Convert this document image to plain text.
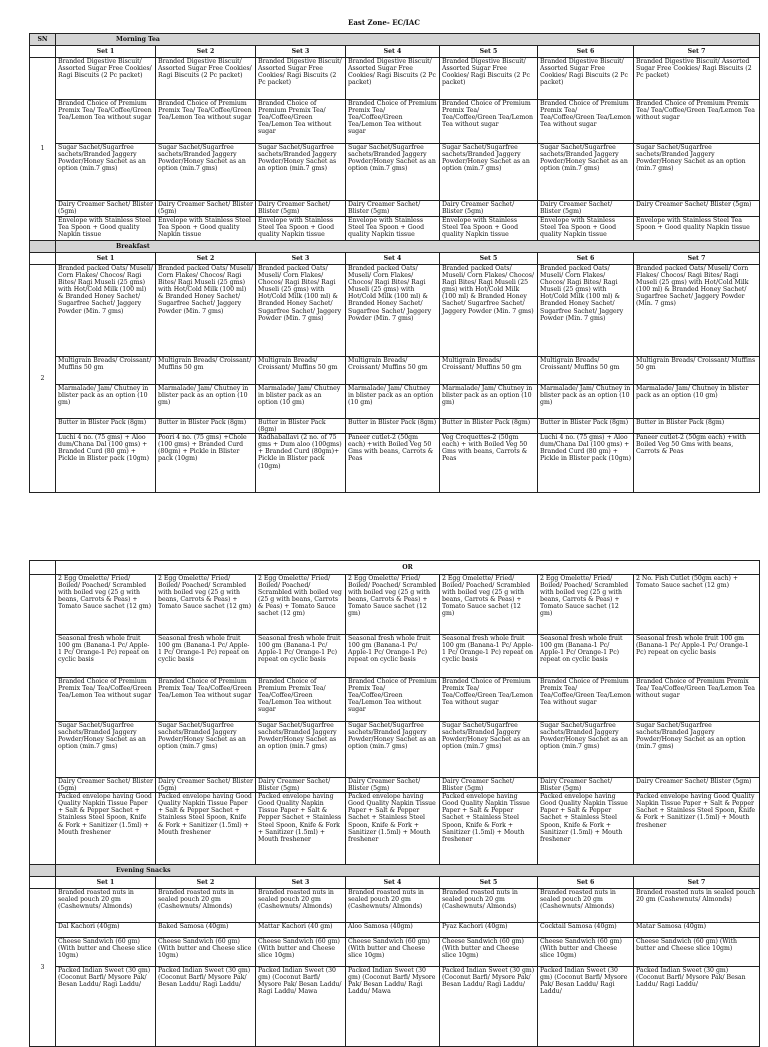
East Zone- EC/IAC
SN	Morning Tea						
	Set 1	Set 2	Set 3	Set 4	Set 5	Set 6	Set 7
1	Branded Digestive Biscuit/ Assorted Sugar Free Cookies/ Ragi Biscuits (2 Pc packet)	Branded Digestive Biscuit/ Assorted Sugar Free Cookies/ Ragi Biscuits (2 Pc packet)	Branded Digestive Biscuit/ Assorted Sugar Free Cookies/ Ragi Biscuits (2 Pc packet)	Branded Digestive Biscuit/ Assorted Sugar Free Cookies/ Ragi Biscuits (2 Pc packet)	Branded Digestive Biscuit/ Assorted Sugar Free Cookies/ Ragi Biscuits (2 Pc packet)	Branded Digestive Biscuit/ Assorted Sugar Free Cookies/ Ragi Biscuits (2 Pc packet)	Branded Digestive Biscuit/ Assorted Sugar Free Cookies/ Ragi Biscuits (2 Pc packet)
	Branded Choice of Premium Premix Tea/ Tea/Coffee/Green Tea/Lemon Tea without sugar	Branded Choice of Premium Premix Tea/ Tea/Coffee/Green Tea/Lemon Tea without sugar	Branded Choice of Premium Premix Tea/ Tea/Coffee/Green Tea/Lemon Tea without sugar	Branded Choice of Premium Premix Tea/ Tea/Coffee/Green Tea/Lemon Tea without sugar	Branded Choice of Premium Premix Tea/ Tea/Coffee/Green Tea/Lemon Tea without sugar	Branded Choice of Premium Premix Tea/ Tea/Coffee/Green Tea/Lemon Tea without sugar	Branded Choice of Premium Premix Tea/ Tea/Coffee/Green Tea/Lemon Tea without sugar
	Sugar Sachet/Sugarfree sachets/Branded Jaggery Powder/Honey Sachet as an option (min.7 gms)	Sugar Sachet/Sugarfree sachets/Branded Jaggery Powder/Honey Sachet as an option (min.7 gms)	Sugar Sachet/Sugarfree sachets/Branded Jaggery Powder/Honey Sachet as an option (min.7 gms)	Sugar Sachet/Sugarfree sachets/Branded Jaggery Powder/Honey Sachet as an option (min.7 gms)	Sugar Sachet/Sugarfree sachets/Branded Jaggery Powder/Honey Sachet as an option (min.7 gms)	Sugar Sachet/Sugarfree sachets/Branded Jaggery Powder/Honey Sachet as an option (min.7 gms)	Sugar Sachet/Sugarfree sachets/Branded Jaggery Powder/Honey Sachet as an option (min.7 gms)
	Dairy Creamer Sachet/ Blister (5gm)	Dairy Creamer Sachet/ Blister (5gm)	Dairy Creamer Sachet/ Blister (5gm)	Dairy Creamer Sachet/ Blister (5gm)	Dairy Creamer Sachet/ Blister (5gm)	Dairy Creamer Sachet/ Blister (5gm)	Dairy Creamer Sachet/ Blister (5gm)
	Envelope with Stainless Steel Tea Spoon + Good quality Napkin tissue	Envelope with Stainless Steel Tea Spoon + Good quality Napkin tissue	Envelope with Stainless Steel Tea Spoon + Good quality Napkin tissue	Envelope with Stainless Steel Tea Spoon + Good quality Napkin tissue	Envelope with Stainless Steel Tea Spoon + Good quality Napkin tissue	Envelope with Stainless Steel Tea Spoon + Good quality Napkin tissue	Envelope with Stainless Steel Tea Spoon + Good quality Napkin tissue
	Breakfast						
	Set 1	Set 2	Set 3	Set 4	Set 5	Set 6	Set 7
2	Branded packed Oats/ Museli/ Corn Flakes/ Chocos/ Ragi Bites/ Ragi Museli (25 gms) with Hot/Cold Milk (100 ml) & Branded Honey Sachet/ Sugarfree Sachet/ Jaggery Powder (Min. 7 gms)	Branded packed Oats/ Museli/ Corn Flakes/ Chocos/ Ragi Bites/ Ragi Museli (25 gms) with Hot/Cold Milk (100 ml) & Branded Honey Sachet/ Sugarfree Sachet/ Jaggery Powder (Min. 7 gms)	Branded packed Oats/ Museli/ Corn Flakes/ Chocos/ Ragi Bites/ Ragi Museli (25 gms) with Hot/Cold Milk (100 ml) & Branded Honey Sachet/ Sugarfree Sachet/ Jaggery Powder (Min. 7 gms)	Branded packed Oats/ Museli/ Corn Flakes/ Chocos/ Ragi Bites/ Ragi Museli (25 gms) with Hot/Cold Milk (100 ml) & Branded Honey Sachet/ Sugarfree Sachet/ Jaggery Powder (Min. 7 gms)	Branded packed Oats/ Museli/ Corn Flakes/ Chocos/ Ragi Bites/ Ragi Museli (25 gms) with Hot/Cold Milk (100 ml) & Branded Honey Sachet/ Sugarfree Sachet/ Jaggery Powder (Min. 7 gms)	Branded packed Oats/ Museli/ Corn Flakes/ Chocos/ Ragi Bites/ Ragi Museli (25 gms) with Hot/Cold Milk (100 ml) & Branded Honey Sachet/ Sugarfree Sachet/ Jaggery Powder (Min. 7 gms)	Branded packed Oats/ Museli/ Corn Flakes/ Chocos/ Ragi Bites/ Ragi Museli (25 gms) with Hot/Cold Milk (100 ml) & Branded Honey Sachet/ Sugarfree Sachet/ Jaggery Powder (Min. 7 gms)
	Multigrain Breads/ Croissant/ Muffins 50 gm	Multigrain Breads/ Croissant/ Muffins 50 gm	Multigrain Breads/ Croissant/ Muffins 50 gm	Multigrain Breads/ Croissant/ Muffins 50 gm	Multigrain Breads/ Croissant/ Muffins 50 gm	Multigrain Breads/ Croissant/ Muffins 50 gm	Multigrain Breads/ Croissant/ Muffins 50 gm
	Marmalade/ Jam/ Chutney in blister pack as an option (10 gm)	Marmalade/ Jam/ Chutney in blister pack as an option (10 gm)	Marmalade/ Jam/ Chutney in blister pack as an option (10 gm)	Marmalade/ Jam/ Chutney in blister pack as an option (10 gm)	Marmalade/ Jam/ Chutney in blister pack as an option (10 gm)	Marmalade/ Jam/ Chutney in blister pack as an option (10 gm)	Marmalade/ Jam/ Chutney in blister pack as an option (10 gm)
	Butter in Blister Pack (8gm)	Butter in Blister Pack (8gm)	Butter in Blister Pack (8gm)	Butter in Blister Pack (8gm)	Butter in Blister Pack (8gm)	Butter in Blister Pack (8gm)	Butter in Blister Pack (8gm)
	Luchi 4 no. (75 gms) + Aloo dum/Chana Dal (100 gms) + Branded Curd (80 gm) + Pickle in Blister pack (10gm)	Poori 4 no. (75 gms) +Chole (100 gms) + Branded Curd (80gm) + Pickle in Blister pack (10gm)	Radhaballavi (2 no. of 75 gms + Dum aloo (100gms) + Branded Curd (80gm)+ Pickle in Blister pack (10gm)	Paneer cutlet-2 (50gm each) +with Boiled Veg 50 Gms with beans, Carrots & Peas	Veg Croquettes-2 (50gm each) + with Boiled Veg 50 Gms with beans, Carrots & Peas	Luchi 4 no. (75 gms) + Aloo dum/Chana Dal (100 gms) + Branded Curd (80 gm) + Pickle in Blister pack (10gm)	Paneer cutlet-2 (50gm each) +with Boiled Veg 50 Gms with beans, Carrots & Peas
	OR						
	2 Egg Omelette/ Fried/ Boiled/ Poached/ Scrambled with boiled veg (25 g with beans, Carrots & Peas) + Tomato Sauce sachet (12 gm)	2 Egg Omelette/ Fried/ Boiled/ Poached/ Scrambled with boiled veg (25 g with beans, Carrots & Peas) + Tomato Sauce sachet (12 gm)	2 Egg Omelette/ Fried/ Boiled/ Poached/ Scrambled with boiled veg (25 g with beans, Carrots & Peas) + Tomato Sauce sachet (12 gm)	2 Egg Omelette/ Fried/ Boiled/ Poached/ Scrambled with boiled veg (25 g with beans, Carrots & Peas) + Tomato Sauce sachet (12 gm)	2 Egg Omelette/ Fried/ Boiled/ Poached/ Scrambled with boiled veg (25 g with beans, Carrots & Peas) + Tomato Sauce sachet (12 gm)	2 Egg Omelette/ Fried/ Boiled/ Poached/ Scrambled with boiled veg (25 g with beans, Carrots & Peas) + Tomato Sauce sachet (12 gm)	2 No. Fish Cutlet (50gm each) + Tomato Sauce sachet (12 gm)
	Seasonal fresh whole fruit 100 gm (Banana-1 Pc/ Apple-1 Pc/ Orange-1 Pc) repeat on cyclic basis	Seasonal fresh whole fruit 100 gm (Banana-1 Pc/ Apple-1 Pc/ Orange-1 Pc) repeat on cyclic basis	Seasonal fresh whole fruit 100 gm (Banana-1 Pc/ Apple-1 Pc/ Orange-1 Pc) repeat on cyclic basis	Seasonal fresh whole fruit 100 gm (Banana-1 Pc/ Apple-1 Pc/ Orange-1 Pc) repeat on cyclic basis	Seasonal fresh whole fruit 100 gm (Banana-1 Pc/ Apple-1 Pc/ Orange-1 Pc) repeat on cyclic basis	Seasonal fresh whole fruit 100 gm (Banana-1 Pc/ Apple-1 Pc/ Orange-1 Pc) repeat on cyclic basis	Seasonal fresh whole fruit 100 gm (Banana-1 Pc/ Apple-1 Pc/ Orange-1 Pc) repeat on cyclic basis
	Branded Choice of Premium Premix Tea/ Tea/Coffee/Green Tea/Lemon Tea without sugar	Branded Choice of Premium Premix Tea/ Tea/Coffee/Green Tea/Lemon Tea without sugar	Branded Choice of Premium Premix Tea/ Tea/Coffee/Green Tea/Lemon Tea without sugar	Branded Choice of Premium Premix Tea/ Tea/Coffee/Green Tea/Lemon Tea without sugar	Branded Choice of Premium Premix Tea/ Tea/Coffee/Green Tea/Lemon Tea without sugar	Branded Choice of Premium Premix Tea/ Tea/Coffee/Green Tea/Lemon Tea without sugar	Branded Choice of Premium Premix Tea/ Tea/Coffee/Green Tea/Lemon Tea without sugar
	Sugar Sachet/Sugarfree sachets/Branded Jaggery Powder/Honey Sachet as an option (min.7 gms)	Sugar Sachet/Sugarfree sachets/Branded Jaggery Powder/Honey Sachet as an option (min.7 gms)	Sugar Sachet/Sugarfree sachets/Branded Jaggery Powder/Honey Sachet as an option (min.7 gms)	Sugar Sachet/Sugarfree sachets/Branded Jaggery Powder/Honey Sachet as an option (min.7 gms)	Sugar Sachet/Sugarfree sachets/Branded Jaggery Powder/Honey Sachet as an option (min.7 gms)	Sugar Sachet/Sugarfree sachets/Branded Jaggery Powder/Honey Sachet as an option (min.7 gms)	Sugar Sachet/Sugarfree sachets/Branded Jaggery Powder/Honey Sachet as an option (min.7 gms)
	Dairy Creamer Sachet/ Blister (5gm)	Dairy Creamer Sachet/ Blister (5gm)	Dairy Creamer Sachet/ Blister (5gm)	Dairy Creamer Sachet/ Blister (5gm)	Dairy Creamer Sachet/ Blister (5gm)	Dairy Creamer Sachet/ Blister (5gm)	Dairy Creamer Sachet/ Blister (5gm)
	Packed envelope having Good Quality Napkin Tissue Paper + Salt & Pepper Sachet + Stainless Steel Spoon, Knife & Fork + Sanitizer (1.5ml) + Mouth freshener	Packed envelope having Good Quality Napkin Tissue Paper + Salt & Pepper Sachet + Stainless Steel Spoon, Knife & Fork + Sanitizer (1.5ml) + Mouth freshener	Packed envelope having Good Quality Napkin Tissue Paper + Salt & Pepper Sachet + Stainless Steel Spoon, Knife & Fork + Sanitizer (1.5ml) + Mouth freshener	Packed envelope having Good Quality Napkin Tissue Paper + Salt & Pepper Sachet + Stainless Steel Spoon, Knife & Fork + Sanitizer (1.5ml) + Mouth freshener	Packed envelope having Good Quality Napkin Tissue Paper + Salt & Pepper Sachet + Stainless Steel Spoon, Knife & Fork + Sanitizer (1.5ml) + Mouth freshener	Packed envelope having Good Quality Napkin Tissue Paper + Salt & Pepper Sachet + Stainless Steel Spoon, Knife & Fork + Sanitizer (1.5ml) + Mouth freshener	Packed envelope having Good Quality Napkin Tissue Paper + Salt & Pepper Sachet + Stainless Steel Spoon, Knife & Fork + Sanitizer (1.5ml) + Mouth freshener
	Evening Snacks						
	Set 1	Set 2	Set 3	Set 4	Set 5	Set 6	Set 7
3	Branded roasted nuts in sealed pouch 20 gm (Cashewnuts/ Almonds)	Branded roasted nuts in sealed pouch 20 gm (Cashewnuts/ Almonds)	Branded roasted nuts in sealed pouch 20 gm (Cashewnuts/ Almonds)	Branded roasted nuts in sealed pouch 20 gm (Cashewnuts/ Almonds)	Branded roasted nuts in sealed pouch 20 gm (Cashewnuts/ Almonds)	Branded roasted nuts in sealed pouch 20 gm (Cashewnuts/ Almonds)	Branded roasted nuts in sealed pouch 20 gm (Cashewnuts/ Almonds)
	Dal Kachori (40gm)	Baked Samosa (40gm)	Mattar Kachori (40 gm)	Aloo Samosa (40gm)	Pyaz Kachori (40gm)	Cocktail Samosa (40gm)	Matar Samosa (40gm)
	Cheese Sandwich (60 gm) (With butter and Cheese slice 10gm)	Cheese Sandwich (60 gm) (With butter and Cheese slice 10gm)	Cheese Sandwich (60 gm) (With butter and Cheese slice 10gm)	Cheese Sandwich (60 gm) (With butter and Cheese slice 10gm)	Cheese Sandwich (60 gm) (With butter and Cheese slice 10gm)	Cheese Sandwich (60 gm) (With butter and Cheese slice 10gm)	Cheese Sandwich (60 gm) (With butter and Cheese slice 10gm)
	Packed Indian Sweet (30 gm) (Coconut Barfi/ Mysore Pak/ Besan Laddu/ Ragi Laddu/	Packed Indian Sweet (30 gm) (Coconut Barfi/ Mysore Pak/ Besan Laddu/ Ragi Laddu/	Packed Indian Sweet (30 gm) (Coconut Barfi/ Mysore Pak/ Besan Laddu/ Ragi Laddu/ Mawa	Packed Indian Sweet (30 gm) (Coconut Barfi/ Mysore Pak/ Besan Laddu/ Ragi Laddu/ Mawa	Packed Indian Sweet (30 gm) (Coconut Barfi/ Mysore Pak/ Besan Laddu/ Ragi Laddu/	Packed Indian Sweet (30 gm) (Coconut Barfi/ Mysore Pak/ Besan Laddu/ Ragi Laddu/	Packed Indian Sweet (30 gm) (Coconut Barfi/ Mysore Pak/ Besan Laddu/ Ragi Laddu/
